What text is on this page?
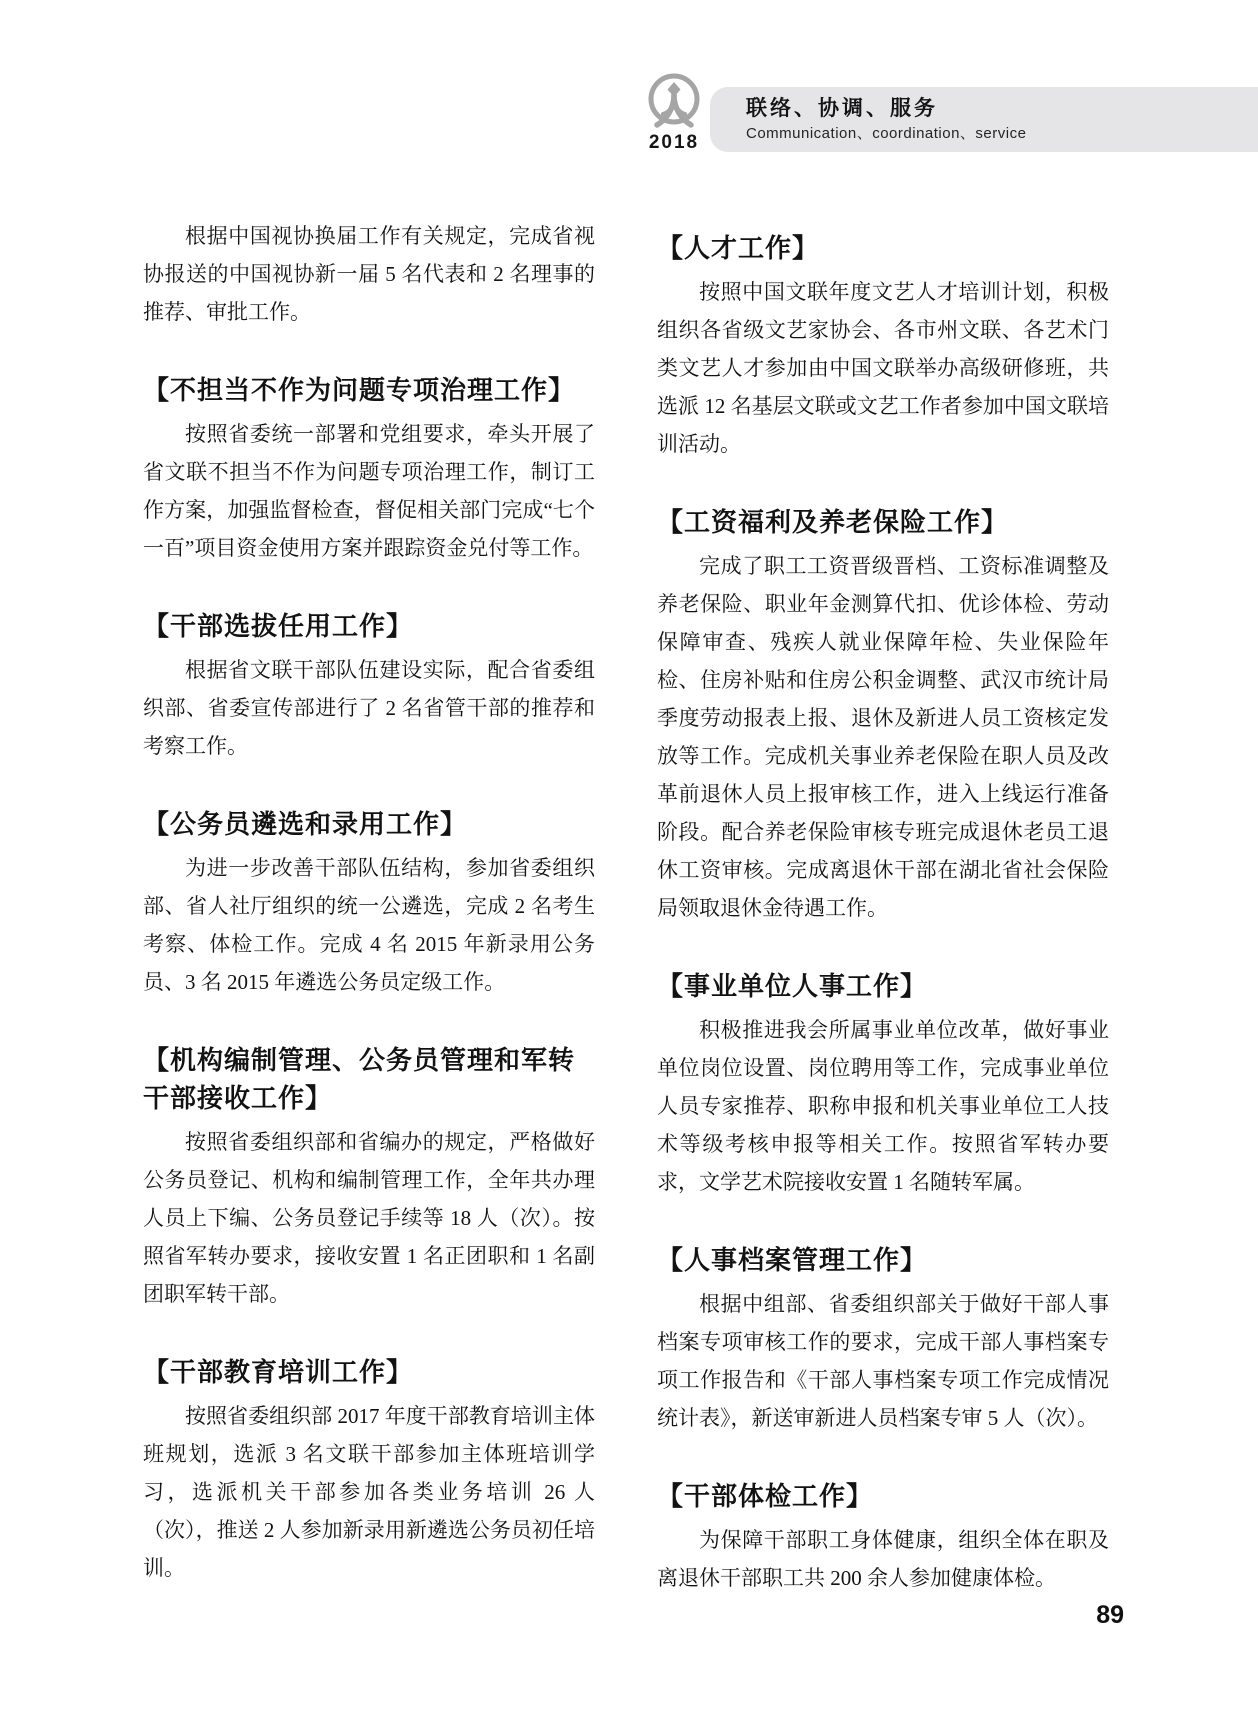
2018
联络、协调、服务
Communication、coordination、service

根据中国视协换届工作有关规定，完成省视协报送的中国视协新一届 5 名代表和 2 名理事的推荐、审批工作。

【不担当不作为问题专项治理工作】

按照省委统一部署和党组要求，牵头开展了省文联不担当不作为问题专项治理工作，制订工作方案，加强监督检查，督促相关部门完成“七个一百”项目资金使用方案并跟踪资金兑付等工作。

【干部选拔任用工作】

根据省文联干部队伍建设实际，配合省委组织部、省委宣传部进行了 2 名省管干部的推荐和考察工作。

【公务员遴选和录用工作】

为进一步改善干部队伍结构，参加省委组织部、省人社厅组织的统一公遴选，完成 2 名考生考察、体检工作。完成 4 名 2015 年新录用公务员、3 名 2015 年遴选公务员定级工作。

【机构编制管理、公务员管理和军转干部接收工作】

按照省委组织部和省编办的规定，严格做好公务员登记、机构和编制管理工作，全年共办理人员上下编、公务员登记手续等 18 人（次）。按照省军转办要求，接收安置 1 名正团职和 1 名副团职军转干部。

【干部教育培训工作】

按照省委组织部 2017 年度干部教育培训主体班规划，选派 3 名文联干部参加主体班培训学习，选派机关干部参加各类业务培训 26 人（次），推送 2 人参加新录用新遴选公务员初任培训。

【人才工作】

按照中国文联年度文艺人才培训计划，积极组织各省级文艺家协会、各市州文联、各艺术门类文艺人才参加由中国文联举办高级研修班，共选派 12 名基层文联或文艺工作者参加中国文联培训活动。

【工资福利及养老保险工作】

完成了职工工资晋级晋档、工资标准调整及养老保险、职业年金测算代扣、优诊体检、劳动保障审查、残疾人就业保障年检、失业保险年检、住房补贴和住房公积金调整、武汉市统计局季度劳动报表上报、退休及新进人员工资核定发放等工作。完成机关事业养老保险在职人员及改革前退休人员上报审核工作，进入上线运行准备阶段。配合养老保险审核专班完成退休老员工退休工资审核。完成离退休干部在湖北省社会保险局领取退休金待遇工作。

【事业单位人事工作】

积极推进我会所属事业单位改革，做好事业单位岗位设置、岗位聘用等工作，完成事业单位人员专家推荐、职称申报和机关事业单位工人技术等级考核申报等相关工作。按照省军转办要求，文学艺术院接收安置 1 名随转军属。

【人事档案管理工作】

根据中组部、省委组织部关于做好干部人事档案专项审核工作的要求，完成干部人事档案专项工作报告和《干部人事档案专项工作完成情况统计表》，新送审新进人员档案专审 5 人（次）。

【干部体检工作】

为保障干部职工身体健康，组织全体在职及离退休干部职工共 200 余人参加健康体检。

89
